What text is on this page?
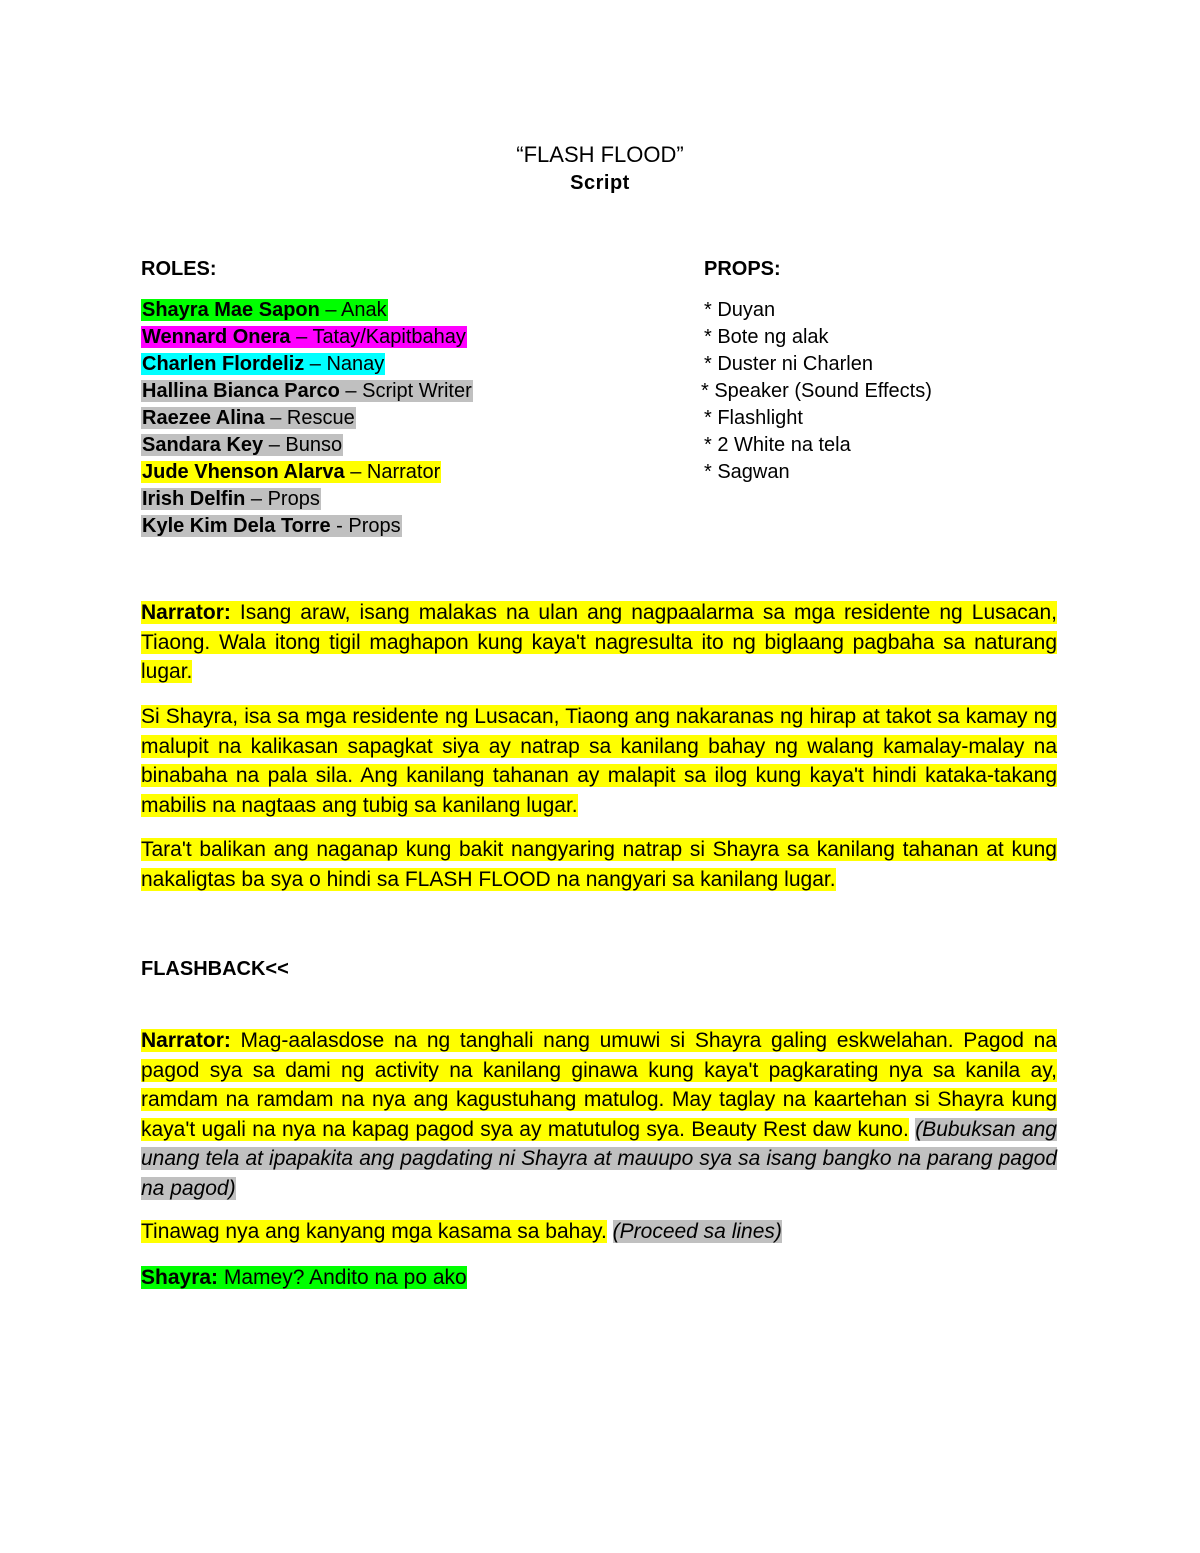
“FLASH FLOOD”
Script
ROLES:
Shayra Mae Sapon – Anak
Wennard Onera – Tatay/Kapitbahay
Charlen Flordeliz – Nanay
Hallina Bianca Parco – Script Writer
Raezee Alina – Rescue
Sandara Key – Bunso
Jude Vhenson Alarva – Narrator
Irish Delfin – Props
Kyle Kim Dela Torre - Props
PROPS:
* Duyan
* Bote ng alak
* Duster ni Charlen
* Speaker (Sound Effects)
* Flashlight
* 2 White na tela
* Sagwan

Narrator: Isang araw, isang malakas na ulan ang nagpaalarma sa mga residente ng Lusacan, Tiaong. Wala itong tigil maghapon kung kaya't nagresulta ito ng biglaang pagbaha sa naturang lugar.

Si Shayra, isa sa mga residente ng Lusacan, Tiaong ang nakaranas ng hirap at takot sa kamay ng malupit na kalikasan sapagkat siya ay natrap sa kanilang bahay ng walang kamalay-malay na binabaha na pala sila. Ang kanilang tahanan ay malapit sa ilog kung kaya't hindi kataka-takang mabilis na nagtaas ang tubig sa kanilang lugar.

Tara't balikan ang naganap kung bakit nangyaring natrap si Shayra sa kanilang tahanan at kung nakaligtas ba sya o hindi sa FLASH FLOOD na nangyari sa kanilang lugar.

FLASHBACK<<

Narrator: Mag-aalasdose na ng tanghali nang umuwi si Shayra galing eskwelahan. Pagod na pagod sya sa dami ng activity na kanilang ginawa kung kaya't pagkarating nya sa kanila ay, ramdam na ramdam na nya ang kagustuhang matulog. May taglay na kaartehan si Shayra kung kaya't ugali na nya na kapag pagod sya ay matutulog sya. Beauty Rest daw kuno. (Bubuksan ang unang tela at ipapakita ang pagdating ni Shayra at mauupo sya sa isang bangko na parang pagod na pagod)

Tinawag nya ang kanyang mga kasama sa bahay. (Proceed sa lines)

Shayra: Mamey? Andito na po ako
